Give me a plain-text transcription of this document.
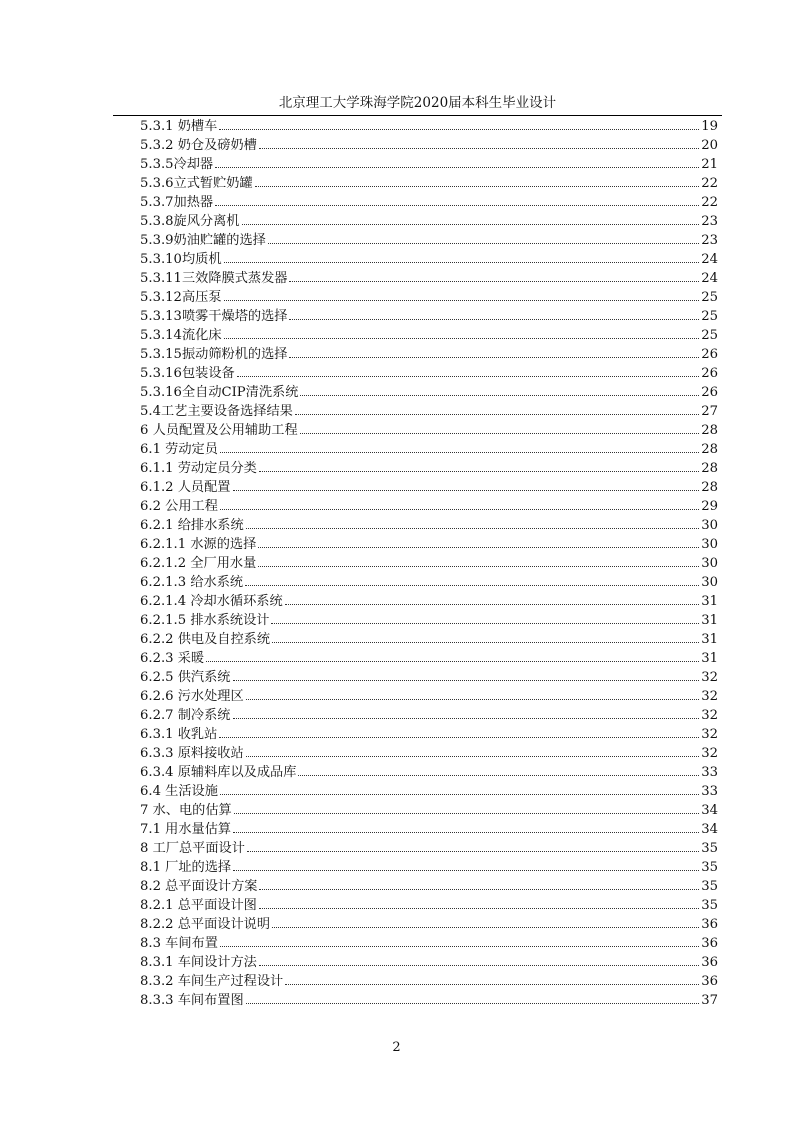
北京理工大学珠海学院2020届本科生毕业设计
5.3.1 奶槽车	19
5.3.2 奶仓及磅奶槽	20
5.3.5冷却器	21
5.3.6立式暂贮奶罐	22
5.3.7加热器	22
5.3.8旋风分离机	23
5.3.9奶油贮罐的选择	23
5.3.10均质机	24
5.3.11三效降膜式蒸发器	24
5.3.12高压泵	25
5.3.13喷雾干燥塔的选择	25
5.3.14流化床	25
5.3.15振动筛粉机的选择	26
5.3.16包装设备	26
5.3.16全自动CIP清洗系统	26
5.4工艺主要设备选择结果	27
6 人员配置及公用辅助工程	28
6.1 劳动定员	28
6.1.1 劳动定员分类	28
6.1.2 人员配置	28
6.2 公用工程	29
6.2.1 给排水系统	30
6.2.1.1 水源的选择	30
6.2.1.2 全厂用水量	30
6.2.1.3 给水系统	30
6.2.1.4 冷却水循环系统	31
6.2.1.5 排水系统设计	31
6.2.2 供电及自控系统	31
6.2.3 采暖	31
6.2.5 供汽系统	32
6.2.6 污水处理区	32
6.2.7 制冷系统	32
6.3.1 收乳站	32
6.3.3 原料接收站	32
6.3.4 原辅料库以及成品库	33
6.4 生活设施	33
7 水、电的估算	34
7.1 用水量估算	34
8 工厂总平面设计	35
8.1 厂址的选择	35
8.2 总平面设计方案	35
8.2.1 总平面设计图	35
8.2.2 总平面设计说明	36
8.3 车间布置	36
8.3.1 车间设计方法	36
8.3.2 车间生产过程设计	36
8.3.3 车间布置图	37
2
